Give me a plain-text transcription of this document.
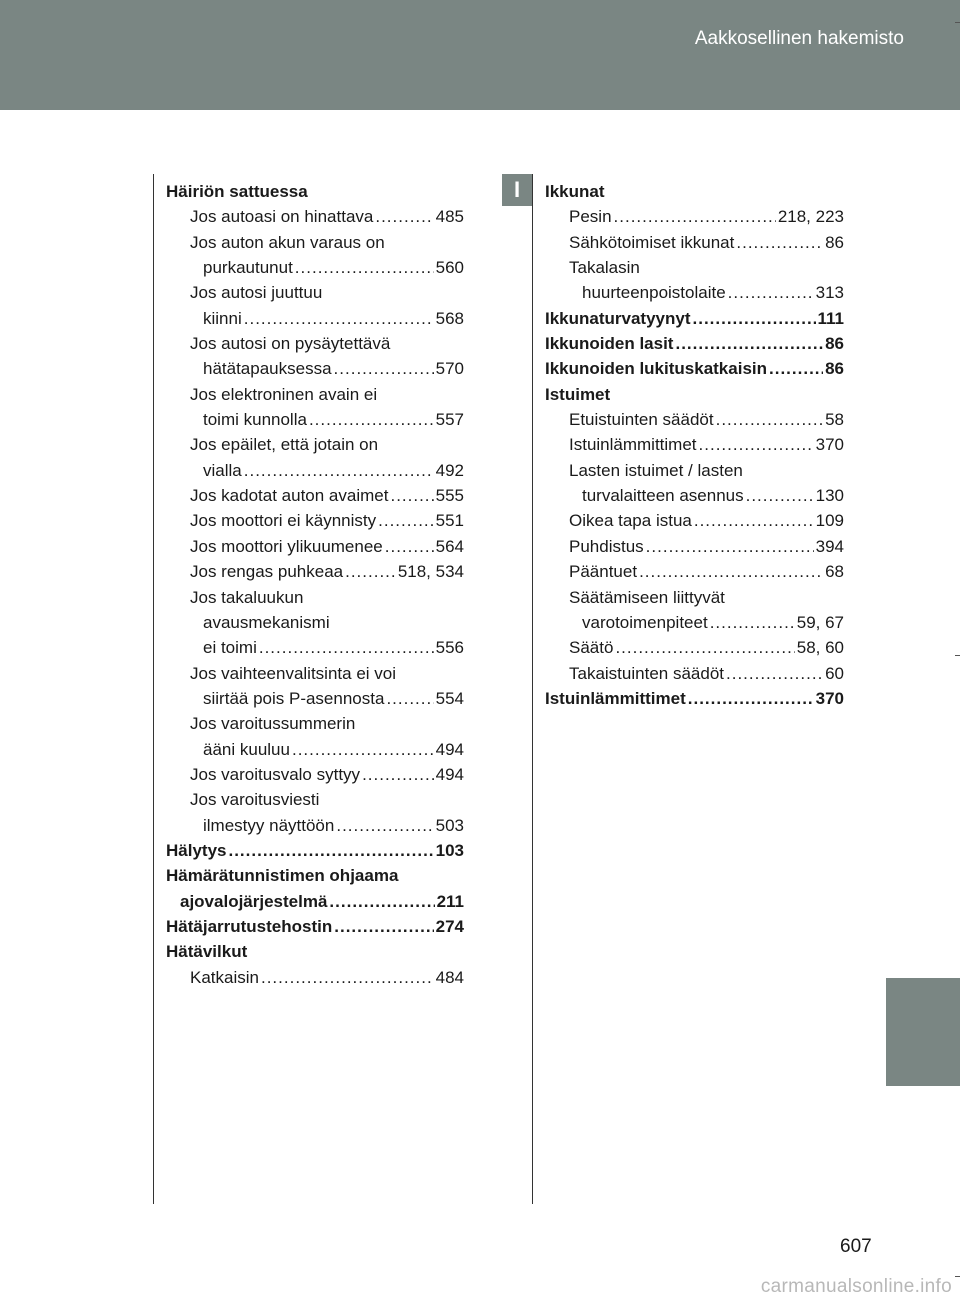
Aakkosellinen hakemisto
I
Häiriön sattuessa
Jos autoasi on hinattava .....	485
Jos auton akun varaus on
purkautunut .....	560
Jos autosi juuttuu
kiinni .....	568
Jos autosi on pysäytettävä
hätätapauksessa .....	570
Jos elektroninen avain ei
toimi kunnolla .....	557
Jos epäilet, että jotain on
vialla .....	492
Jos kadotat auton avaimet .....	555
Jos moottori ei käynnisty .....	551
Jos moottori ylikuumenee .....	564
Jos rengas puhkeaa .....	518, 534
Jos takaluukun
avausmekanismi
ei toimi .....	556
Jos vaihteenvalitsinta ei voi
siirtää pois P-asennosta .....	554
Jos varoitussummerin
ääni kuuluu .....	494
Jos varoitusvalo syttyy .....	494
Jos varoitusviesti
ilmestyy näyttöön .....	503
Hälytys .....	103
Hämärätunnistimen ohjaama
ajovalojärjestelmä .....	211
Hätäjarrutustehostin .....	274
Hätävilkut
Katkaisin .....	484
Ikkunat
Pesin .....	218, 223
Sähkötoimiset ikkunat .....	86
Takalasin
huurteenpoistolaite .....	313
Ikkunaturvatyynyt .....	111
Ikkunoiden lasit .....	86
Ikkunoiden lukituskatkaisin .....	86
Istuimet
Etuistuinten säädöt .....	58
Istuinlämmittimet .....	370
Lasten istuimet / lasten
turvalaitteen asennus .....	130
Oikea tapa istua .....	109
Puhdistus .....	394
Pääntuet .....	68
Säätämiseen liittyvät
varotoimenpiteet .....	59, 67
Säätö .....	58, 60
Takaistuinten säädöt .....	60
Istuinlämmittimet .....	370
607
carmanualsonline.info
